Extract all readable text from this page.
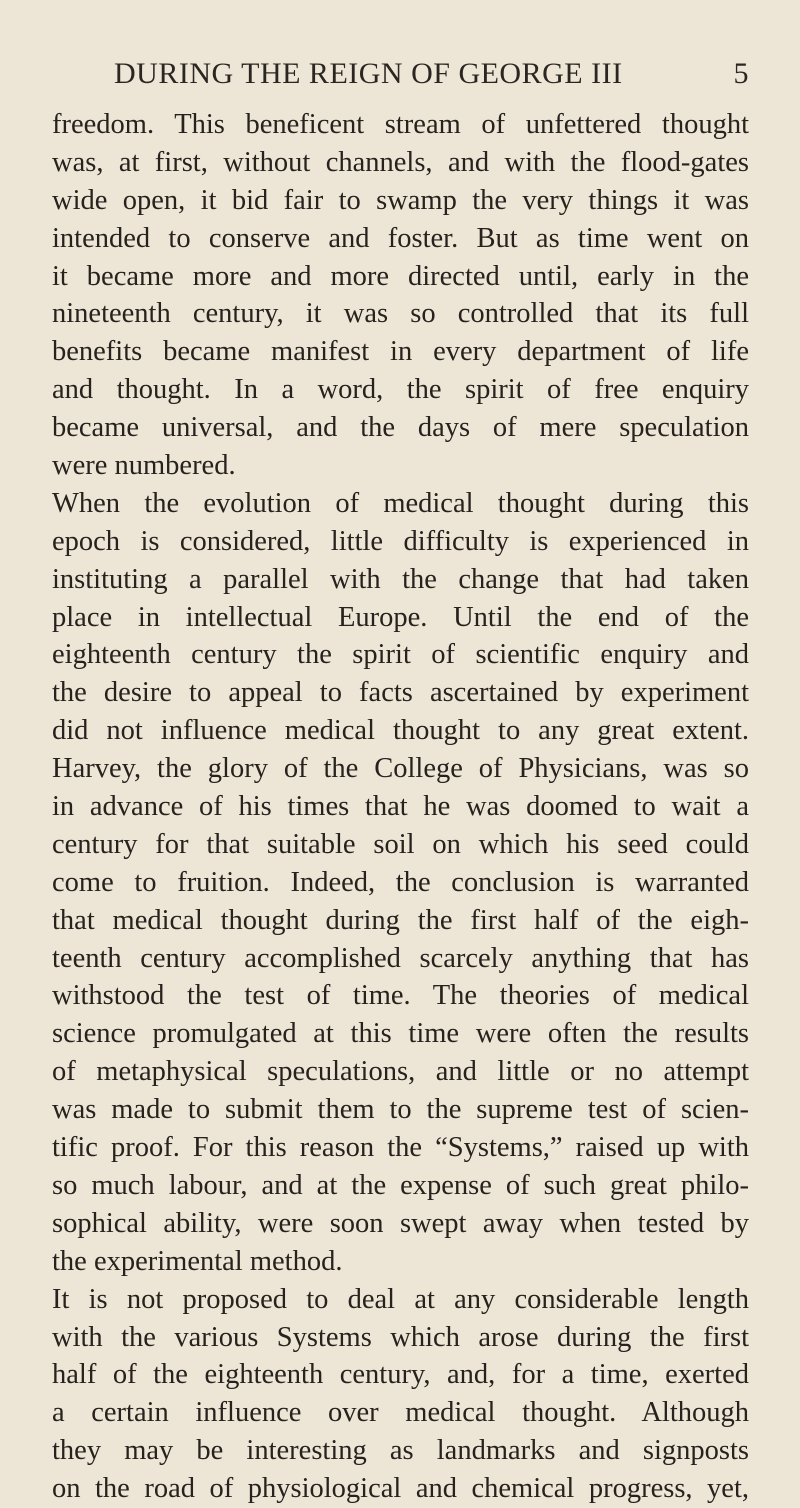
DURING THE REIGN OF GEORGE III	5
freedom. This beneficent stream of unfettered thought
was, at first, without channels, and with the flood-gates
wide open, it bid fair to swamp the very things it was
intended to conserve and foster. But as time went on
it became more and more directed until, early in the
nineteenth century, it was so controlled that its full
benefits became manifest in every department of life
and thought. In a word, the spirit of free enquiry
became universal, and the days of mere speculation
were numbered.
When the evolution of medical thought during this
epoch is considered, little difficulty is experienced in
instituting a parallel with the change that had taken
place in intellectual Europe. Until the end of the
eighteenth century the spirit of scientific enquiry and
the desire to appeal to facts ascertained by experiment
did not influence medical thought to any great extent.
Harvey, the glory of the College of Physicians, was so
in advance of his times that he was doomed to wait a
century for that suitable soil on which his seed could
come to fruition. Indeed, the conclusion is warranted
that medical thought during the first half of the eigh-
teenth century accomplished scarcely anything that has
withstood the test of time. The theories of medical
science promulgated at this time were often the results
of metaphysical speculations, and little or no attempt
was made to submit them to the supreme test of scien-
tific proof. For this reason the “Systems,” raised up with
so much labour, and at the expense of such great philo-
sophical ability, were soon swept away when tested by
the experimental method.
It is not proposed to deal at any considerable length
with the various Systems which arose during the first
half of the eighteenth century, and, for a time, exerted
a certain influence over medical thought. Although
they may be interesting as landmarks and signposts
on the road of physiological and chemical progress, yet,
